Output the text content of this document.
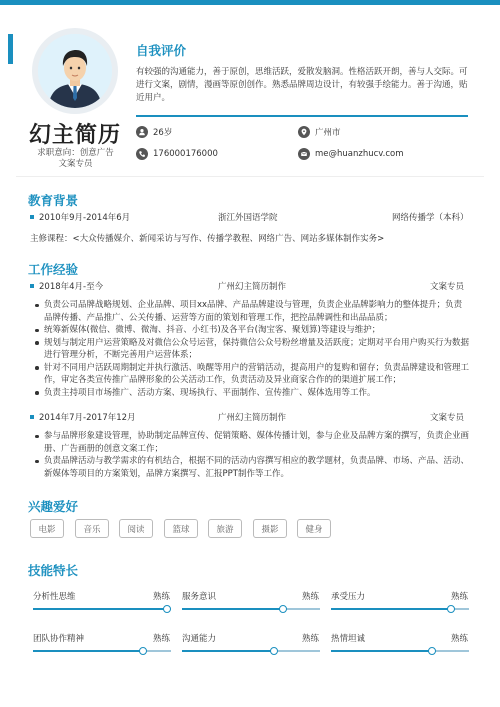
幻主简历
求职意向：创意广告
文案专员
自我评价
有较强的沟通能力，善于原创，思维活跃，爱散发脑洞。性格活跃开朗，善与人交际。可进行文案，剧情，漫画等原创创作。熟悉品牌周边设计，有较强手绘能力。善于沟通，贴近用户。
26岁	广州市
176000176000	me@huanzhucv.com
教育背景
2010年9月-2014年6月	浙江外国语学院	网络传播学（本科）
主修课程：<大众传播媒介、新闻采访与写作、传播学教程、网络广告、网站多媒体制作实务>
工作经验
2018年4月-至今	广州幻主简历制作	文案专员
负责公司品牌战略规划、企业品牌、项目xx品牌、产品品牌建设与管理，负责企业品牌影响力的整体提升；负责品牌传播、产品推广、公关传播、运营等方面的策划和管理工作，把控品牌调性和出品品质；
统筹新媒体(微信、微博、微淘、抖音、小红书)及各平台(淘宝客、聚划算)等建设与维护；
规划与制定用户运营策略及对微信公众号运营，保持微信公众号粉丝增量及活跃度；定期对平台用户购买行为数据进行管理分析，不断完善用户运营体系；
针对不同用户活跃周期制定并执行激活、唤醒等用户的营销活动，提高用户的复购和留存；负责品牌建设和管理工作，审定各类宣传推广品牌形象的公关活动工作，负责活动及异业商家合作的的渠道扩展工作；
负责主持项目市场推广、活动方案、现场执行、平面制作、宣传推广、媒体选用等工作。
2014年7月-2017年12月	广州幻主简历制作	文案专员
参与品牌形象建设管理，协助制定品牌宣传、促销策略、媒体传播计划，参与企业及品牌方案的撰写，负责企业画册、广告画册的创意文案工作；
负责品牌活动与教学需求的有机结合，根据不同的活动内容撰写相应的教学题材，负责品牌、市场、产品、活动、新媒体等项目的方案策划，品牌方案撰写、汇报PPT制作等工作。
兴趣爱好
电影	音乐	阅读	篮球	旅游	摄影	健身
技能特长
分析性思维	熟练 服务意识	熟练 承受压力	熟练
团队协作精神	熟练 沟通能力	熟练 热情坦诚	熟练
